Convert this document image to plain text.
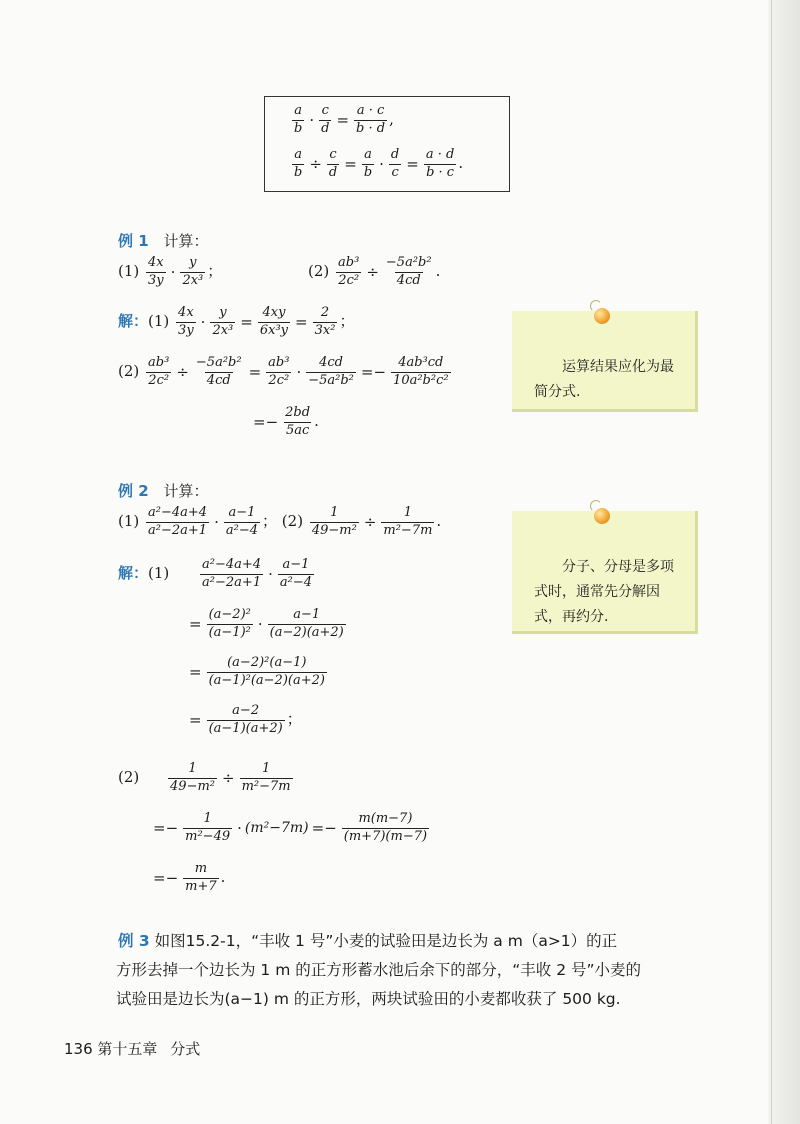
$\frac{a}{b} \cdot \frac{c}{d} = \frac{a \cdot c}{b \cdot d}$ ,
$\frac{a}{b} \div \frac{c}{d} = \frac{a}{b} \cdot \frac{d}{c} = \frac{a \cdot d}{b \cdot c}$ .
例 1 计算：
$(1) \frac{4x}{3y} \cdot \frac{y}{\text{2x³}}$ ；	$(2) \frac{\text{ab³}}{\text{2c²}} \div \frac{\text{−5a²b²}}{4cd}$ .
解：$(1) \frac{4x}{3y} \cdot \frac{y}{\text{2x³}} = \frac{4xy}{\text{6x³y}} = \frac{2}{\text{3x²}}$ ；
$(2) \frac{\text{ab³}}{\text{2c²}} \div \frac{\text{−5a²b²}}{4cd} = \frac{\text{ab³}}{\text{2c²}} \cdot \frac{4cd}{\text{−5a²b²}} =- \frac{\text{4ab³cd}}{\text{10a²b²c²}}$
=− $\frac{2bd}{5ac}$ .
运算结果应化为最简分式.
例 2 计算：
$(1) \frac{\text{a²−4a+4}}{\text{a²−2a+1}} \cdot \frac{a-1}{\text{a²−4}}$ ； $(2) \frac{1}{\text{49−m²}} \div \frac{1}{\text{m²−7m}}$ .
解：$(1) \frac{\text{a²−4a+4}}{\text{a²−2a+1}} \cdot \frac{a-1}{\text{a²−4}}$
= $\frac{\text{(a−2)²}}{\text{(a−1)²}} \cdot \frac{a-1}{(a-2)(a+2)}$
= $\frac{\text{(a−2)²(a−1)}}{\text{(a−1)²(a−2)(a+2)}}$
= $\frac{a-2}{(a-1)(a+2)}$ ；
$(2) \frac{1}{\text{49−m²}} \div \frac{1}{\text{m²−7m}}$
=− $\frac{1}{\text{m²−49}} \cdot (m^2-7m) =- \frac{m(m-7)}{(m+7)(m-7)}$
=− $\frac{m}{m+7}$ .
分子、分母是多项式时，通常先分解因式，再约分.
例 3 如图15.2-1，“丰收 1 号”小麦的试验田是边长为 a m（a>1）的正
方形去掉一个边长为 1 m 的正方形蓄水池后余下的部分，“丰收 2 号”小麦的
试验田是边长为(a−1) m 的正方形，两块试验田的小麦都收获了 500 kg.
136 第十五章 分式
